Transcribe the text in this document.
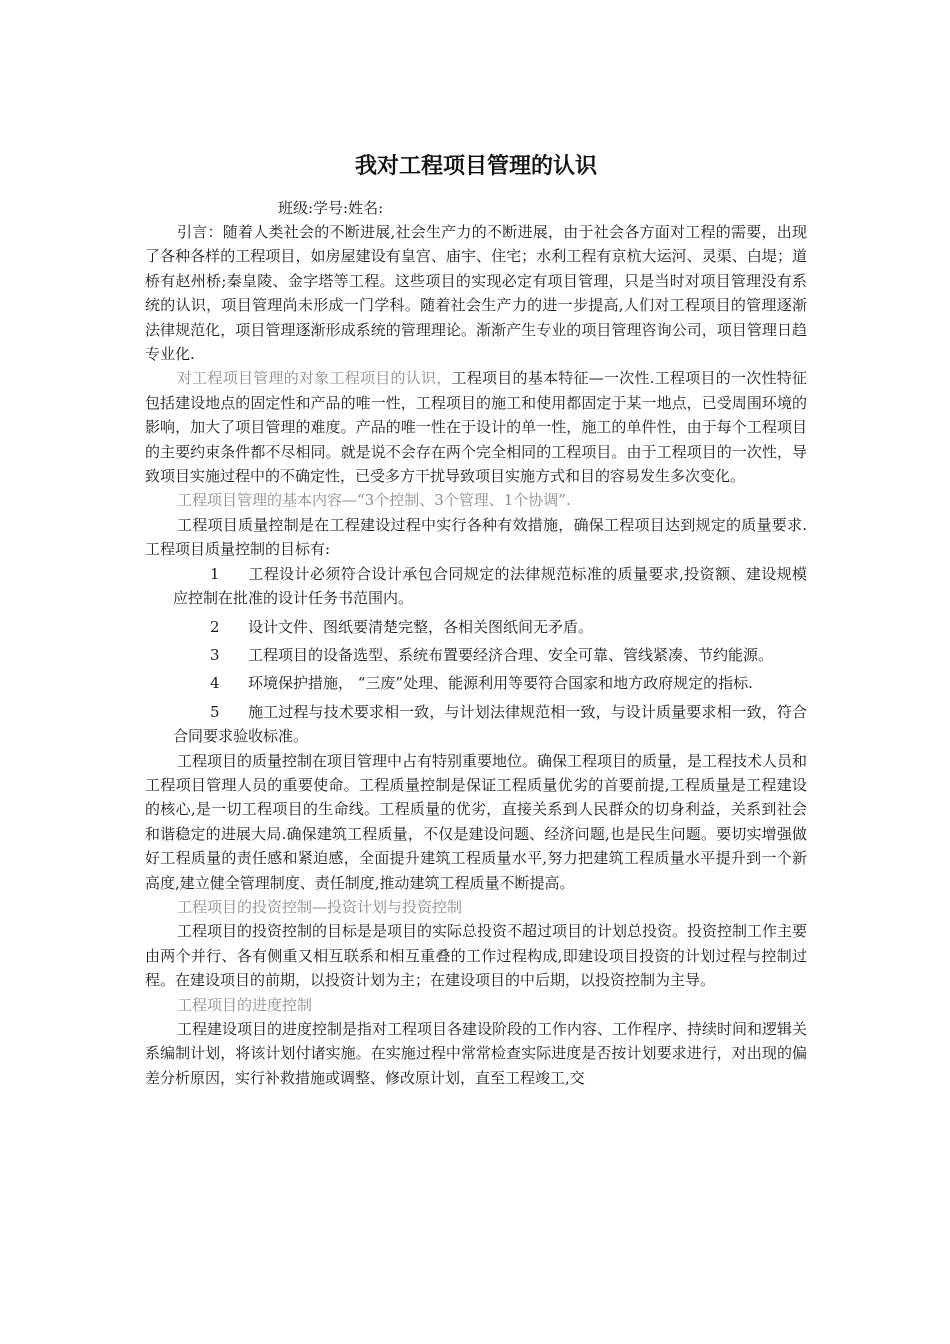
我对工程项目管理的认识
班级:学号:姓名:

引言：随着人类社会的不断进展,社会生产力的不断进展，由于社会各方面对工程的需要，出现了各种各样的工程项目，如房屋建设有皇宫、庙宇、住宅；水利工程有京杭大运河、灵渠、白堤；道桥有赵州桥;秦皇陵、金字塔等工程。这些项目的实现必定有项目管理，只是当时对项目管理没有系统的认识，项目管理尚未形成一门学科。随着社会生产力的进一步提高,人们对工程项目的管理逐渐法律规范化，项目管理逐渐形成系统的管理理论。渐渐产生专业的项目管理咨询公司，项目管理日趋专业化.

对工程项目管理的对象工程项目的认识，工程项目的基本特征—一次性.工程项目的一次性特征包括建设地点的固定性和产品的唯一性，工程项目的施工和使用都固定于某一地点，已受周围环境的影响，加大了项目管理的难度。产品的唯一性在于设计的单一性，施工的单件性，由于每个工程项目的主要约束条件都不尽相同。就是说不会存在两个完全相同的工程项目。由于工程项目的一次性，导致项目实施过程中的不确定性，已受多方干扰导致项目实施方式和目的容易发生多次变化。

工程项目管理的基本内容—“3个控制、3个管理、1个协调”.

工程项目质量控制是在工程建设过程中实行各种有效措施，确保工程项目达到规定的质量要求.工程项目质量控制的目标有:

1 工程设计必须符合设计承包合同规定的法律规范标准的质量要求,投资额、建设规模应控制在批准的设计任务书范围内。
2 设计文件、图纸要清楚完整，各相关图纸间无矛盾。
3 工程项目的设备选型、系统布置要经济合理、安全可靠、管线紧凑、节约能源。
4 环境保护措施， “三废”处理、能源利用等要符合国家和地方政府规定的指标.
5 施工过程与技术要求相一致，与计划法律规范相一致，与设计质量要求相一致，符合合同要求验收标准。

工程项目的质量控制在项目管理中占有特别重要地位。确保工程项目的质量，是工程技术人员和工程项目管理人员的重要使命。工程质量控制是保证工程质量优劣的首要前提,工程质量是工程建设的核心,是一切工程项目的生命线。工程质量的优劣，直接关系到人民群众的切身利益，关系到社会和谐稳定的进展大局.确保建筑工程质量，不仅是建设问题、经济问题,也是民生问题。要切实增强做好工程质量的责任感和紧迫感，全面提升建筑工程质量水平,努力把建筑工程质量水平提升到一个新高度,建立健全管理制度、责任制度,推动建筑工程质量不断提高。

工程项目的投资控制—投资计划与投资控制

工程项目的投资控制的目标是是项目的实际总投资不超过项目的计划总投资。投资控制工作主要由两个并行、各有侧重又相互联系和相互重叠的工作过程构成,即建设项目投资的计划过程与控制过程。在建设项目的前期，以投资计划为主；在建设项目的中后期，以投资控制为主导。

工程项目的进度控制

工程建设项目的进度控制是指对工程项目各建设阶段的工作内容、工作程序、持续时间和逻辑关系编制计划，将该计划付诸实施。在实施过程中常常检查实际进度是否按计划要求进行，对出现的偏差分析原因，实行补救措施或调整、修改原计划，直至工程竣工,交
